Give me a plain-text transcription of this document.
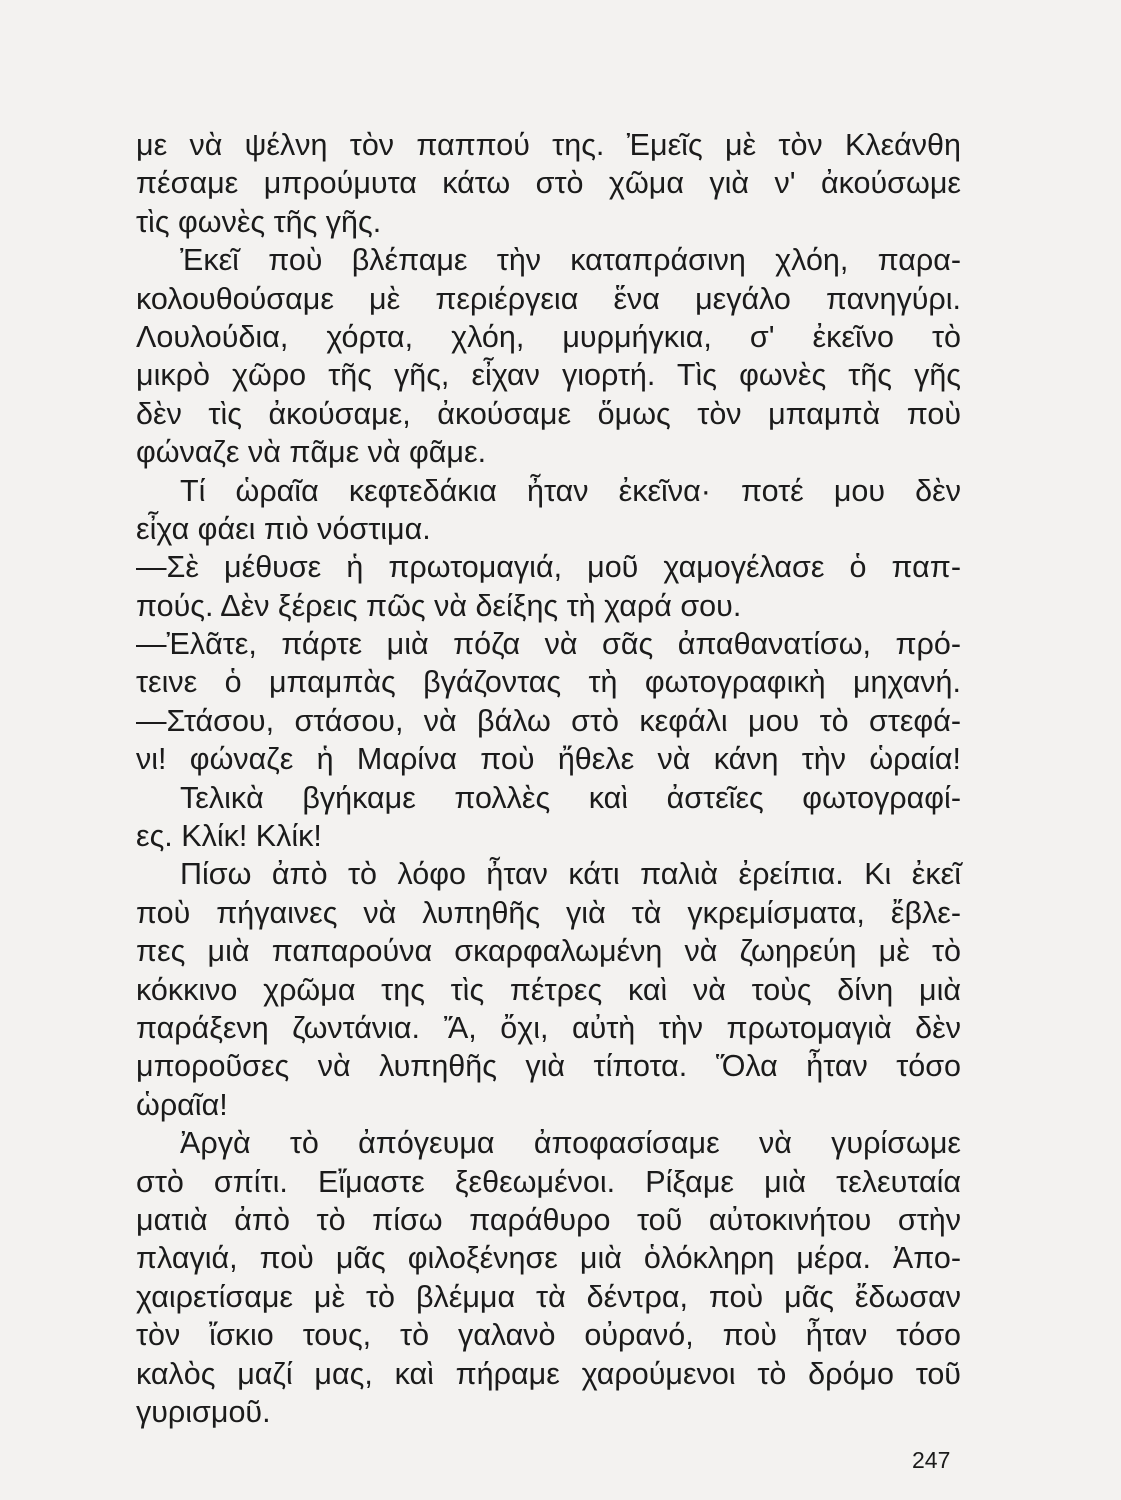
με νὰ ψέλνη τὸν παππού της. Ἐμεῖς μὲ τὸν Κλεάνθη
πέσαμε μπρούμυτα κάτω στὸ χῶμα γιὰ ν' ἀκούσωμε
τὶς φωνὲς τῆς γῆς.
Ἐκεῖ ποὺ βλέπαμε τὴν καταπράσινη χλόη, παρα-
κολουθούσαμε μὲ περιέργεια ἕνα μεγάλο πανηγύρι.
Λουλούδια, χόρτα, χλόη, μυρμήγκια, σ' ἐκεῖνο τὸ
μικρὸ χῶρο τῆς γῆς, εἶχαν γιορτή. Τὶς φωνὲς τῆς γῆς
δὲν τὶς ἀκούσαμε, ἀκούσαμε ὅμως τὸν μπαμπὰ ποὺ
φώναζε νὰ πᾶμε νὰ φᾶμε.
Τί ὡραῖα κεφτεδάκια ἦταν ἐκεῖνα· ποτέ μου δὲν
εἶχα φάει πιὸ νόστιμα.
—Σὲ μέθυσε ἡ πρωτομαγιά, μοῦ χαμογέλασε ὁ παπ-
πούς. Δὲν ξέρεις πῶς νὰ δείξης τὴ χαρά σου.
—Ἐλᾶτε, πάρτε μιὰ πόζα νὰ σᾶς ἀπαθανατίσω, πρό-
τεινε ὁ μπαμπὰς βγάζοντας τὴ φωτογραφικὴ μηχανή.
—Στάσου, στάσου, νὰ βάλω στὸ κεφάλι μου τὸ στεφά-
νι! φώναζε ἡ Μαρίνα ποὺ ἤθελε νὰ κάνη τὴν ὡραία!
Τελικὰ βγήκαμε πολλὲς καὶ ἀστεῖες φωτογραφί-
ες. Κλίκ! Κλίκ!
Πίσω ἀπὸ τὸ λόφο ἦταν κάτι παλιὰ ἐρείπια. Κι ἐκεῖ
ποὺ πήγαινες νὰ λυπηθῆς γιὰ τὰ γκρεμίσματα, ἔβλε-
πες μιὰ παπαρούνα σκαρφαλωμένη νὰ ζωηρεύη μὲ τὸ
κόκκινο χρῶμα της τὶς πέτρες καὶ νὰ τοὺς δίνη μιὰ
παράξενη ζωντάνια. Ἄ, ὄχι, αὐτὴ τὴν πρωτομαγιὰ δὲν
μποροῦσες νὰ λυπηθῆς γιὰ τίποτα. Ὅλα ἦταν τόσο
ὡραῖα!
Ἀργὰ τὸ ἀπόγευμα ἀποφασίσαμε νὰ γυρίσωμε
στὸ σπίτι. Εἴμαστε ξεθεωμένοι. Ρίξαμε μιὰ τελευταία
ματιὰ ἀπὸ τὸ πίσω παράθυρο τοῦ αὐτοκινήτου στὴν
πλαγιά, ποὺ μᾶς φιλοξένησε μιὰ ὁλόκληρη μέρα. Ἀπο-
χαιρετίσαμε μὲ τὸ βλέμμα τὰ δέντρα, ποὺ μᾶς ἔδωσαν
τὸν ἴσκιο τους, τὸ γαλανὸ οὐρανό, ποὺ ἦταν τόσο
καλὸς μαζί μας, καὶ πήραμε χαρούμενοι τὸ δρόμο τοῦ
γυρισμοῦ.
247
